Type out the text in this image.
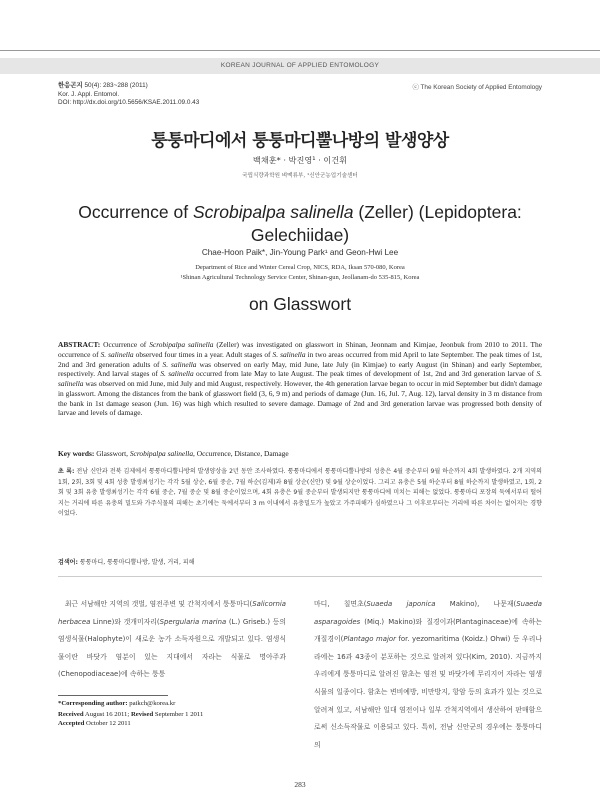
KOREAN JOURNAL OF APPLIED ENTOMOLOGY
한응곤지 50(4): 283~288 (2011)
Kor. J. Appl. Entomol.
DOI: http://dx.doi.org/10.5656/KSAE.2011.09.0.43
ⓒ The Korean Society of Applied Entomology
퉁퉁마디에서 퉁퉁마디뿔나방의 발생양상
백채훈* · 박진영¹ · 이건휘
국립식량과학원 벼맥류부, ¹신안군농업기술센터
Occurrence of Scrobipalpa salinella (Zeller) (Lepidoptera: Gelechiidae)
Chae-Hoon Paik*, Jin-Young Park¹ and Geon-Hwi Lee
Department of Rice and Winter Cereal Crop, NICS, RDA, Iksan 570-080, Korea
¹Shinan Agricultural Technology Service Center, Shinan-gun, Jeollanam-do 535-815, Korea
on Glasswort
ABSTRACT: Occurrence of Scrobipalpa salinella (Zeller) was investigated on glasswort in Shinan, Jeonnam and Kimjae, Jeonbuk from 2010 to 2011. The occurrence of S. salinella observed four times in a year. Adult stages of S. salinella in two areas occurred from mid April to late September. The peak times of 1st, 2nd and 3rd generation adults of S. salinella was observed on early May, mid June, late July (in Kimjae) to early August (in Shinan) and early September, respectively. And larval stages of S. salinella occurred from late May to late August. The peak times of development of 1st, 2nd and 3rd generation larvae of S. salinella was observed on mid June, mid July and mid August, respectively. However, the 4th generation larvae began to occur in mid September but didn't damage in glasswort. Among the distances from the bank of glasswort field (3, 6, 9 m) and periods of damage (Jun. 16, Jul. 7, Aug. 12), larval density in 3 m distance from the bank in 1st damage season (Jun. 16) was high which resulted to severe damage. Damage of 2nd and 3rd generation larvae was progressed both density of larvae and levels of damage.
Key words: Glasswort, Scrobipalpa salinella, Occurrence, Distance, Damage
초 록: 전남 신안과 전북 김제에서 퉁퉁마디뿔나방의 발생양상을 2년 동안 조사하였다. 퉁퉁마디에서 퉁퉁마디뿔나방의 성충은 4월 중순부터 9월 하순까지 4회 발생하였다. 2개 지역의 1회, 2회, 3회 및 4회 성충 발생최성기는 각각 5월 상순, 6월 중순, 7월 하순(김제)과 8월 상순(신안) 및 9월 상순이었다. 그리고 유충은 5월 하순부터 8월 하순까지 발생하였고, 1회, 2회 및 3회 유충 발생최성기는 각각 6월 중순, 7월 중순 및 8월 중순이었으며, 4회 유충은 9월 중순부터 발생되지만 퉁퉁마디에 미치는 피해는 없었다. 퉁퉁마디 포장의 둑에서부터 떨어지는 거리에 따른 유충의 밀도와 가주식물의 피해는 초기에는 둑에서부터 3 m 이내에서 유충밀도가 높았고 가주피해가 심하였으나 그 이후로부터는 거리에 따른 차이는 없어지는 경향이었다.
검색어: 퉁퉁마디, 퉁퉁마디뿔나방, 발생, 거리, 피해
최근 서남해안 지역의 갯벌, 염전주변 및 간척지에서 퉁퉁마디(Salicornia herbacea Linne)와 갯개미자리(Spergularia marina (L.) Griseb.) 등의 염생식물(Halophyte)이 새로운 농가 소득자원으로 개발되고 있다. 염생식물이란 바닷가 염분이 있는 지대에서 자라는 식물로 명아주과(Chenopodiaceae)에 속하는 퉁퉁
마디, 칠면초(Suaeda japonica Makino), 나문재(Suaeda asparagoides (Miq.) Makino)와 질경이과(Plantaginaceae)에 속하는 개질경이(Plantago major for. yezomaritima (Koidz.) Ohwi) 등 우리나라에는 16과 43종이 분포하는 것으로 알려져 있다(Kim, 2010). 지금까지 우리에게 퉁퉁마디로 알려진 함초는 염전 및 바닷가에 무리지어 자라는 염생식물의 일종이다. 함초는 변비예방, 비만방지, 항암 등의 효과가 있는 것으로 알려져 있고, 서남해안 일대 염전이나 일부 간척지역에서 생산하여 판매함으로써 신소득작물로 이용되고 있다. 특히, 전남 신안군의 경우에는 퉁퉁마디의
*Corresponding author: paikch@korea.kr
Received August 16 2011; Revised September 1 2011
Accepted October 12 2011
283
